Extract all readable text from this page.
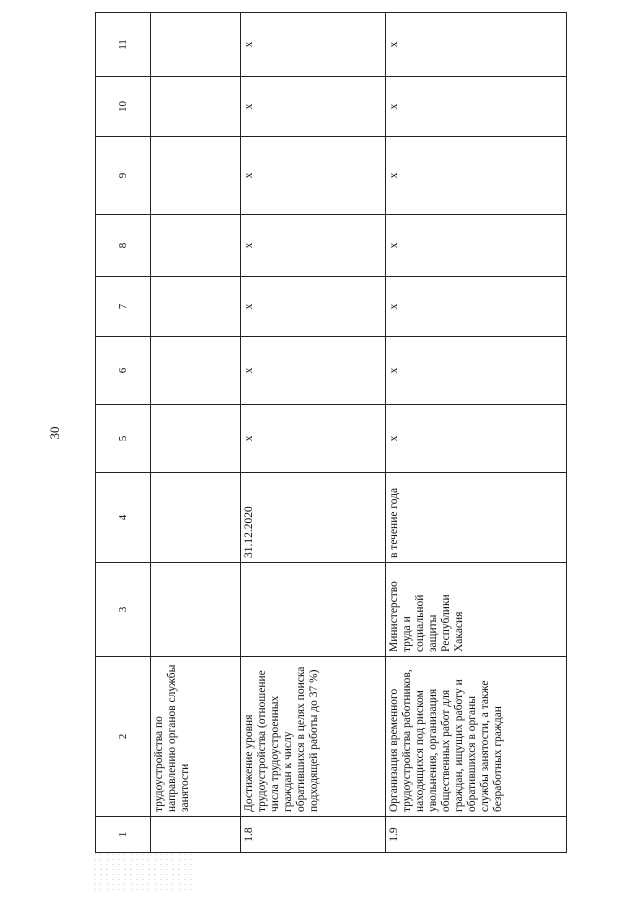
30
1	2	3	4	5	6	7	8	9	10	11
	трудоустройства по направлению органов службы занятости									
1.8	Достижение уровня трудоустройства (отношение числа трудоустроенных граждан к числу обратившихся в целях поиска подходящей работы до 37 %)		31.12.2020	x	x	x	x	x	x	x
1.9	Организация временного трудоустройства работников, находящихся под риском увольнения, организация общественных работ для граждан, ищущих работу и обратившихся в органы службы занятости, а также безработных граждан	Министерство труда и социальной защиты Республики Хакасия	в течение года	x	x	x	x	x	x	x
